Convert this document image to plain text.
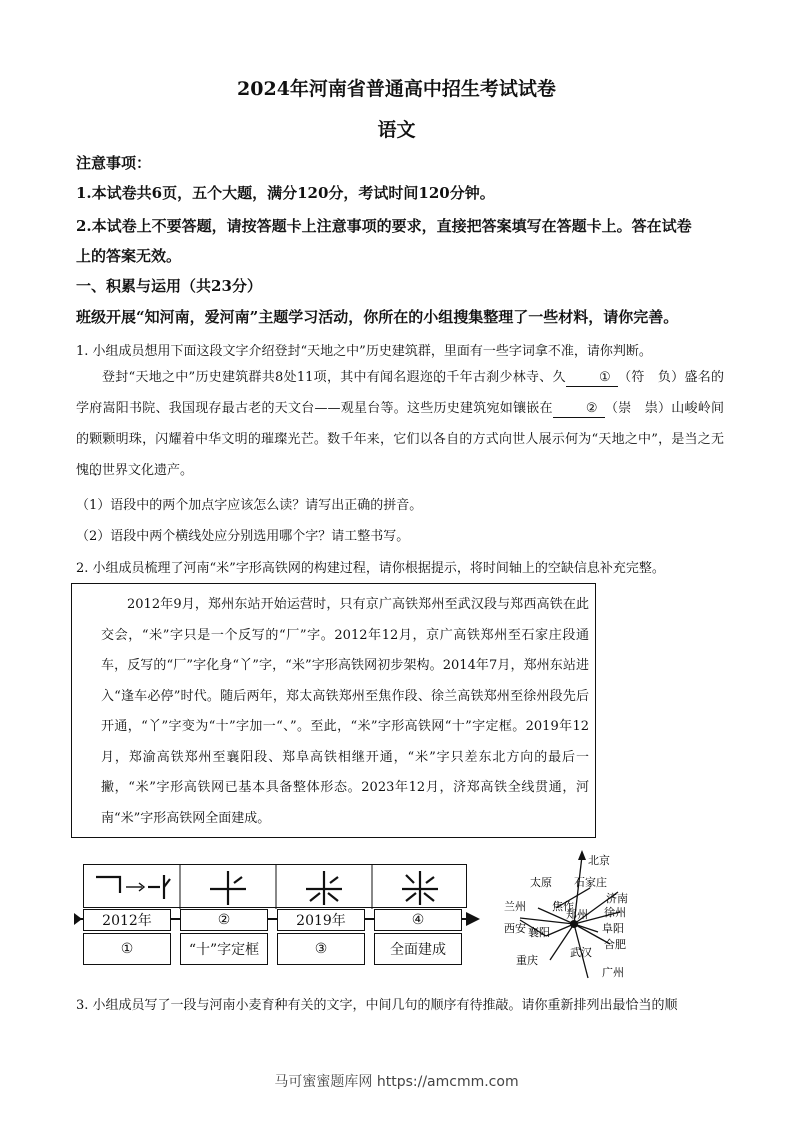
2024年河南省普通高中招生考试试卷
语文
注意事项：
1.本试卷共6页，五个大题，满分120分，考试时间120分钟。
2.本试卷上不要答题，请按答题卡上注意事项的要求，直接把答案填写在答题卡上。答在试卷
上的答案无效。
一、积累与运用（共23分）
班级开展“知河南，爱河南”主题学习活动，你所在的小组搜集整理了一些材料，请你完善。
1. 小组成员想用下面这段文字介绍登封“天地之中”历史建筑群，里面有一些字词拿不准，请你判断。
登封“天地之中”历史建筑群共8处11项，其中有闻名遐迩的千年古刹少林寺、久	① （符　负）盛名的学府嵩阳书院、我国现存最古老的天文台——观星台等。这些历史建筑宛如镶嵌在	② （崇　祟）山峻岭间的颗颗明珠，闪耀着中华文明的璀璨光芒。数千年来，它们以各自的方式向世人展示何为“天地之中”，是当之无愧的世界文化遗产。
（1）语段中的两个加点字应该怎么读？请写出正确的拼音。
（2）语段中两个横线处应分别选用哪个字？请工整书写。
2. 小组成员梳理了河南“米”字形高铁网的构建过程，请你根据提示，将时间轴上的空缺信息补充完整。
2012年9月，郑州东站开始运营时，只有京广高铁郑州至武汉段与郑西高铁在此交会，“米”字只是一个反写的“厂”字。2012年12月，京广高铁郑州至石家庄段通车，反写的“厂”字化身“丫”字，“米”字形高铁网初步架构。2014年7月，郑州东站进入“逢车必停”时代。随后两年，郑太高铁郑州至焦作段、徐兰高铁郑州至徐州段先后开通，“丫”字变为“十”字加一“、”。至此，“米”字形高铁网“十”字定框。2019年12月，郑渝高铁郑州至襄阳段、郑阜高铁相继开通，“米”字只差东北方向的最后一撇，“米”字形高铁网已基本具备整体形态。2023年12月，济郑高铁全线贯通，河南“米”字形高铁网全面建成。
2012年	②	2019年	④
①	“十”字定框	③	全面建成
北京
太原 石家庄
济南
兰州 焦作	徐州
西安
郑州
阜阳
襄阳
合肥
武汉
重庆
广州
3. 小组成员写了一段与河南小麦育种有关的文字，中间几句的顺序有待推敲。请你重新排列出最恰当的顺
马可蜜蜜题库网 https://amcmm.com
